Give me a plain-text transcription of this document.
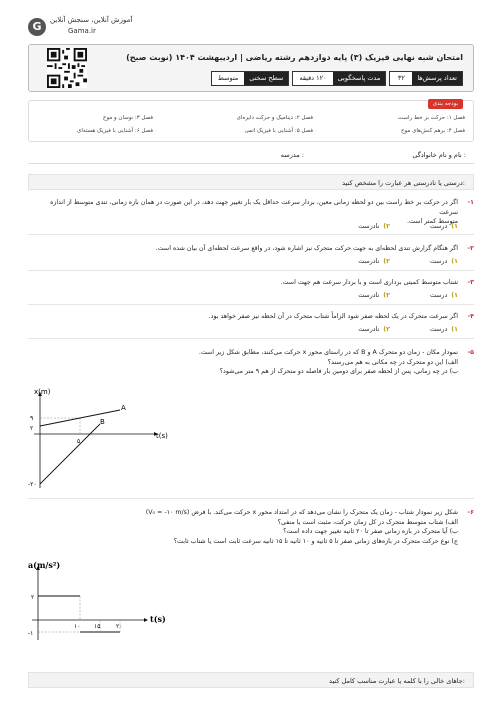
G	آموزش آنلاین، سنجش آنلاین
Gama.ir
امتحان شبه نهایی فیزیک (۳) پایه دوازدهم رشته ریاضی | اردیبهشت ۱۴۰۴ (نوبت صبح)
تعداد پرسش‌ها
۳۲
مدت پاسخگویی
۱۲۰ دقیقه
سطح سختی
متوسط
بودجه بندی
فصل ۱: حرکت بر خط راست
فصل ۲: دینامیک و حرکت دایره‌ای
فصل ۳: نوسان و موج
فصل ۴: برهم کنش‌های موج
فصل ۵: آشنایی با فیزیک اتمی
فصل ۶: آشنایی با فیزیک هسته‌ای
نام و نام خانوادگی :
مدرسه :
درستی یا نادرستی هر عبارت را مشخص کنید:
-۱

اگر در حرکت بر خط راست بین دو لحظه زمانی معین، بردار سرعت حداقل یک بار تغییر جهت دهد، در این صورت در همان بازه زمانی، تندی متوسط از اندازه سرعت

متوسط کمتر است.

۱)درست
۲)نادرست
-۲

اگر هنگام گزارش تندی لحظه‌ای به جهت حرکت متحرک نیز اشاره شود، در واقع سرعت لحظه‌ای آن بیان شده است.

۱)درست
۲)نادرست
-۳

شتاب متوسط کمیتی برداری است و با بردار سرعت هم جهت است.

۱)درست
۲)نادرست
-۴

اگر سرعت متحرک در یک لحظه صفر شود الزاماً شتاب متحرک در آن لحظه نیز صفر خواهد بود.

۱)درست
۲)نادرست
-۵

نمودار مکان - زمان دو متحرک A و B که در راستای محور x حرکت می‌کنند، مطابق شکل زیر است.

الف) این دو متحرک در چه مکانی به هم می‌رسند؟

ب) در چه زمانی، پس از لحظه صفر برای دومین بار فاصله دو متحرک از هم ۹ متر می‌شود؟

x(m)
t(s)
A
B
۹
۲
-۲۰
۵
-۶

شکل زیر نمودار شتاب - زمان یک متحرک را نشان می‌دهد که در امتداد محور x حرکت می‌کند. با فرض (V₀ = -۱۰ m/s)

الف) شتاب متوسط متحرک در کل زمان حرکت، مثبت است یا منفی؟

ب) آیا متحرک در بازه زمانی صفر تا ۲۰ ثانیه تغییر جهت داده است؟

ج) نوع حرکت متحرک در بازه‌های زمانی صفر تا ۵ ثانیه و ۱۰ ثانیه تا ۱۵ ثانیه سرعت ثابت است یا شتاب ثابت؟

a(m/s²)
t(s)
۲
-۱
۱۰ ۱۵	۲۰
جاهای خالی را با کلمه یا عبارت مناسب کامل کنید:
